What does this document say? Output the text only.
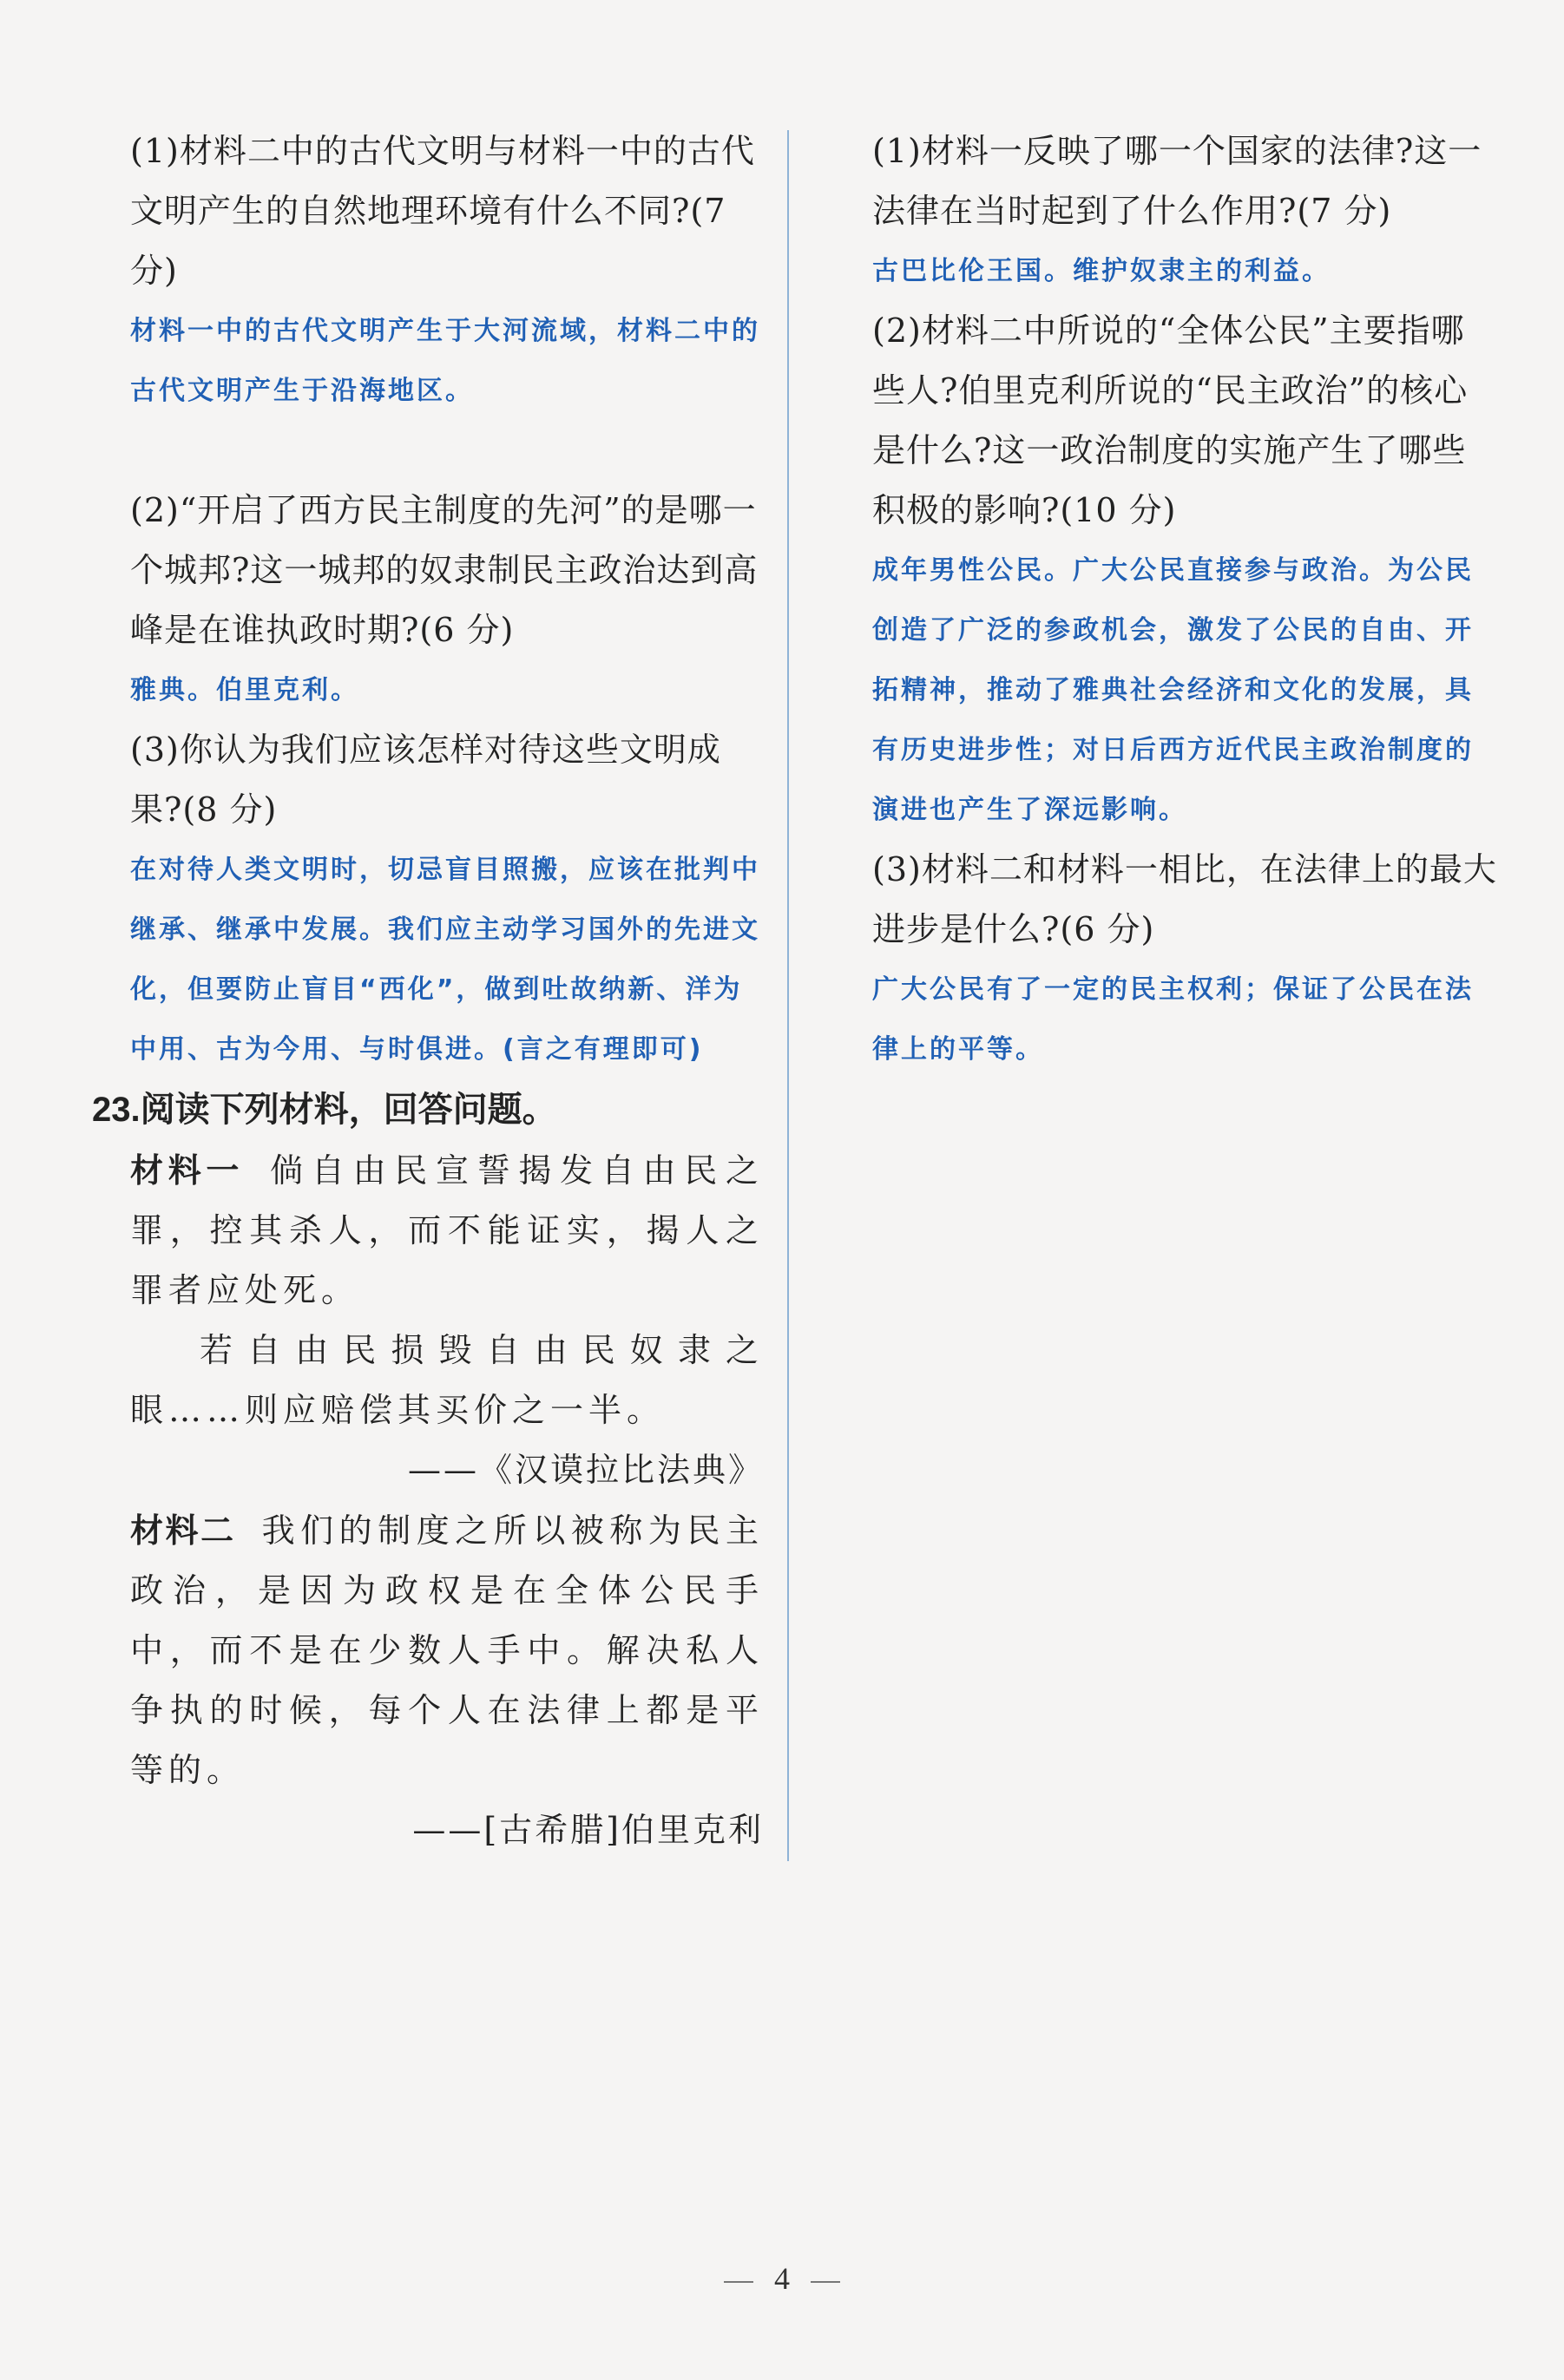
(1)材料二中的古代文明与材料一中的古代文明产生的自然地理环境有什么不同?(7 分)

材料一中的古代文明产生于大河流域，材料二中的古代文明产生于沿海地区。

(2)“开启了西方民主制度的先河”的是哪一个城邦?这一城邦的奴隶制民主政治达到高峰是在谁执政时期?(6 分)

雅典。伯里克利。

(3)你认为我们应该怎样对待这些文明成果?(8 分)

在对待人类文明时，切忌盲目照搬，应该在批判中继承、继承中发展。我们应主动学习国外的先进文化，但要防止盲目“西化”，做到吐故纳新、洋为中用、古为今用、与时俱进。(言之有理即可)

23.阅读下列材料，回答问题。

材料一 倘自由民宣誓揭发自由民之罪，控其杀人，而不能证实，揭人之罪者应处死。

若自由民损毁自由民奴隶之眼……则应赔偿其买价之一半。

——《汉谟拉比法典》

材料二 我们的制度之所以被称为民主政治，是因为政权是在全体公民手中，而不是在少数人手中。解决私人争执的时候，每个人在法律上都是平等的。

——[古希腊]伯里克利

(1)材料一反映了哪一个国家的法律?这一法律在当时起到了什么作用?(7 分)

古巴比伦王国。维护奴隶主的利益。

(2)材料二中所说的“全体公民”主要指哪些人?伯里克利所说的“民主政治”的核心是什么?这一政治制度的实施产生了哪些积极的影响?(10 分)

成年男性公民。广大公民直接参与政治。为公民创造了广泛的参政机会，激发了公民的自由、开拓精神，推动了雅典社会经济和文化的发展，具有历史进步性；对日后西方近代民主政治制度的演进也产生了深远影响。

(3)材料二和材料一相比，在法律上的最大进步是什么?(6 分)

广大公民有了一定的民主权利；保证了公民在法律上的平等。

4
